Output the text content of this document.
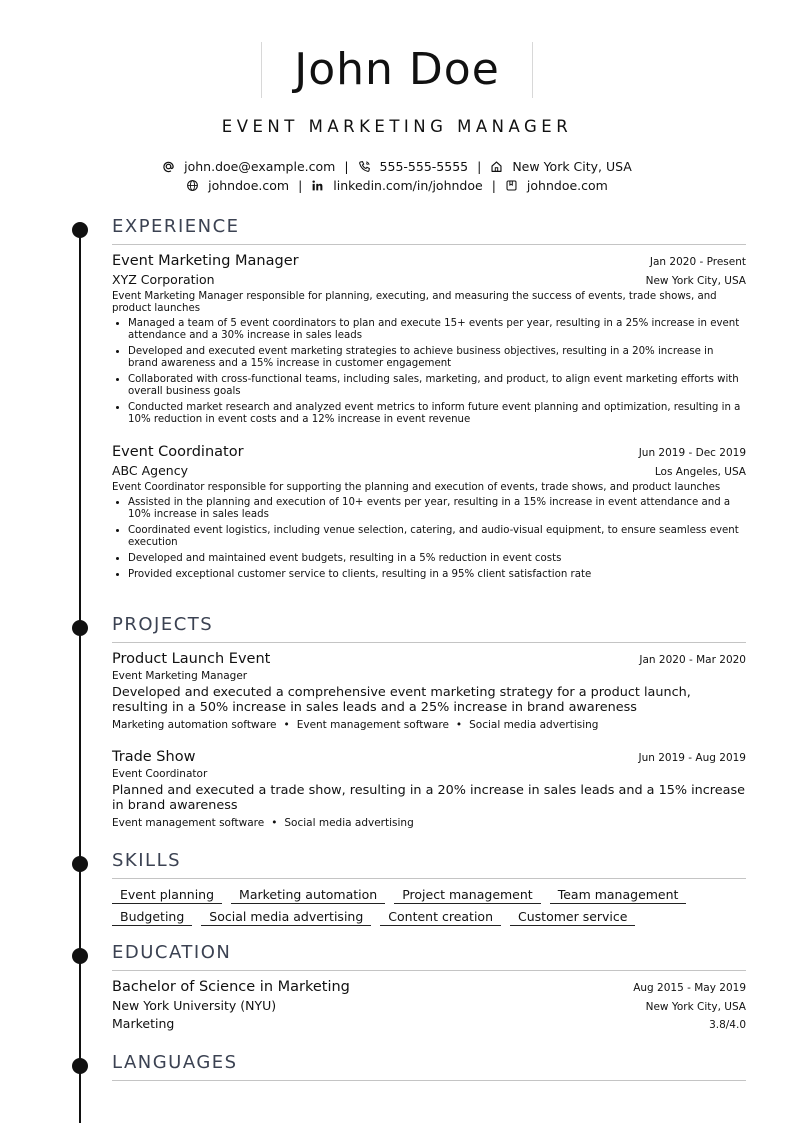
John Doe
EVENT MARKETING MANAGER
john.doe@example.com | 555-555-5555 | New York City, USA
johndoe.com | linkedin.com/in/johndoe | johndoe.com
EXPERIENCE
Event Marketing Manager	Jan 2020 - Present
XYZ Corporation	New York City, USA
Event Marketing Manager responsible for planning, executing, and measuring the success of events, trade shows, and product launches
• Managed a team of 5 event coordinators to plan and execute 15+ events per year, resulting in a 25% increase in event attendance and a 30% increase in sales leads
• Developed and executed event marketing strategies to achieve business objectives, resulting in a 20% increase in brand awareness and a 15% increase in customer engagement
• Collaborated with cross-functional teams, including sales, marketing, and product, to align event marketing efforts with overall business goals
• Conducted market research and analyzed event metrics to inform future event planning and optimization, resulting in a 10% reduction in event costs and a 12% increase in event revenue
Event Coordinator	Jun 2019 - Dec 2019
ABC Agency	Los Angeles, USA
Event Coordinator responsible for supporting the planning and execution of events, trade shows, and product launches
• Assisted in the planning and execution of 10+ events per year, resulting in a 15% increase in event attendance and a 10% increase in sales leads
• Coordinated event logistics, including venue selection, catering, and audio-visual equipment, to ensure seamless event execution
• Developed and maintained event budgets, resulting in a 5% reduction in event costs
• Provided exceptional customer service to clients, resulting in a 95% client satisfaction rate
PROJECTS
Product Launch Event	Jan 2020 - Mar 2020
Event Marketing Manager
Developed and executed a comprehensive event marketing strategy for a product launch, resulting in a 50% increase in sales leads and a 25% increase in brand awareness
Marketing automation software • Event management software • Social media advertising
Trade Show	Jun 2019 - Aug 2019
Event Coordinator
Planned and executed a trade show, resulting in a 20% increase in sales leads and a 15% increase in brand awareness
Event management software • Social media advertising
SKILLS
Event planning	Marketing automation	Project management	Team management
Budgeting	Social media advertising	Content creation	Customer service
EDUCATION
Bachelor of Science in Marketing	Aug 2015 - May 2019
New York University (NYU)	New York City, USA
Marketing	3.8/4.0
LANGUAGES
